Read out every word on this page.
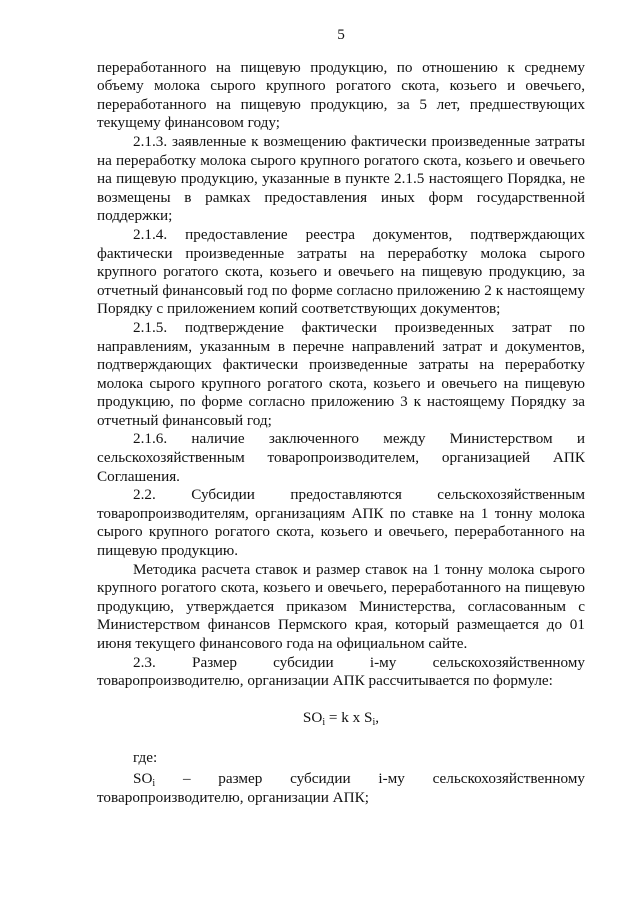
5

переработанного на пищевую продукцию, по отношению к среднему объему молока сырого крупного рогатого скота, козьего и овечьего, переработанного на пищевую продукцию, за 5 лет, предшествующих текущему финансовом году;

2.1.3. заявленные к возмещению фактически произведенные затраты на переработку молока сырого крупного рогатого скота, козьего и овечьего на пищевую продукцию, указанные в пункте 2.1.5 настоящего Порядка, не возмещены в рамках предоставления иных форм государственной поддержки;

2.1.4. предоставление реестра документов, подтверждающих фактически произведенные затраты на переработку молока сырого крупного рогатого скота, козьего и овечьего на пищевую продукцию, за отчетный финансовый год по форме согласно приложению 2 к настоящему Порядку с приложением копий соответствующих документов;

2.1.5. подтверждение фактически произведенных затрат по направлениям, указанным в перечне направлений затрат и документов, подтверждающих фактически произведенные затраты на переработку молока сырого крупного рогатого скота, козьего и овечьего на пищевую продукцию, по форме согласно приложению 3 к настоящему Порядку за отчетный финансовый год;

2.1.6. наличие заключенного между Министерством и сельскохозяйственным товаропроизводителем, организацией АПК Соглашения.

2.2. Субсидии предоставляются сельскохозяйственным товаропроизводителям, организациям АПК по ставке на 1 тонну молока сырого крупного рогатого скота, козьего и овечьего, переработанного на пищевую продукцию.

Методика расчета ставок и размер ставок на 1 тонну молока сырого крупного рогатого скота, козьего и овечьего, переработанного на пищевую продукцию, утверждается приказом Министерства, согласованным с Министерством финансов Пермского края, который размещается до 01 июня текущего финансового года на официальном сайте.

2.3. Размер субсидии i-му сельскохозяйственному товаропроизводителю, организации АПК рассчитывается по формуле:

$SO_i = k$ x $S_i$,
где:

$SO_i$ – размер субсидии i-му сельскохозяйственному товаропроизводителю, организации АПК;
